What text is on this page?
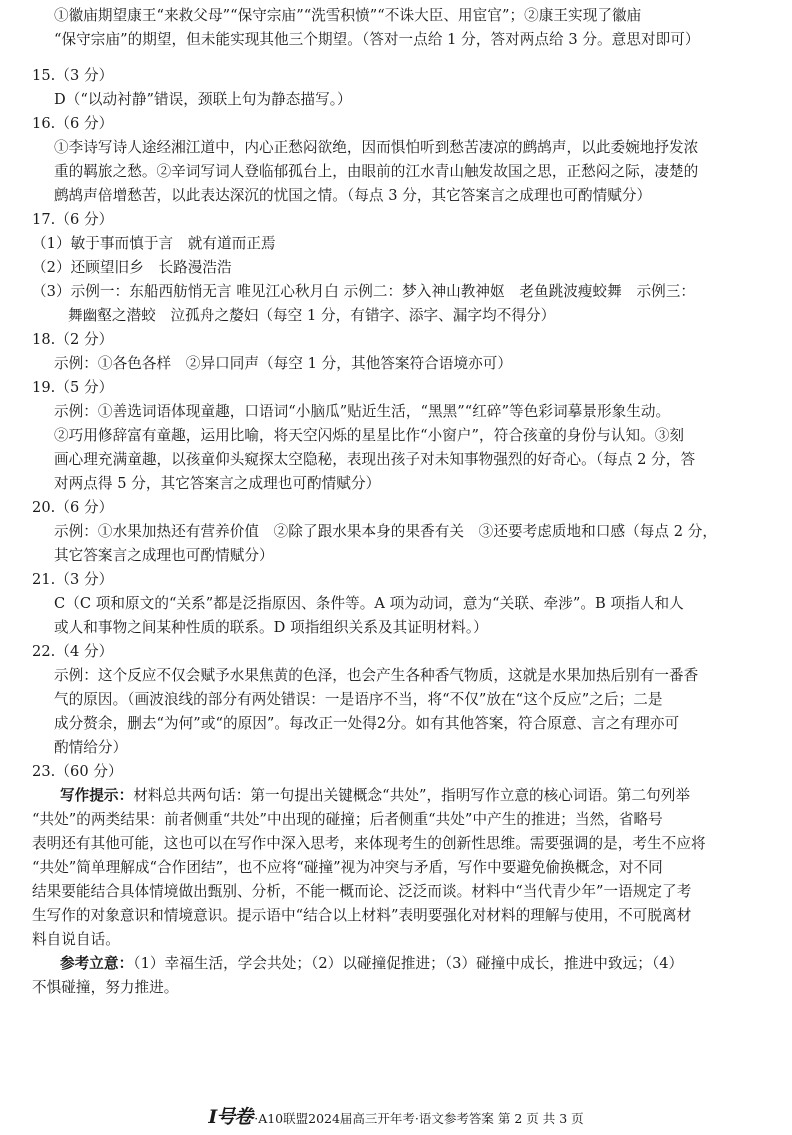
①徽庙期望康王“来救父母”“保守宗庙”“洗雪积愤”“不诛大臣、用宦官”；②康王实现了徽庙
“保守宗庙”的期望，但未能实现其他三个期望。（答对一点给 1 分，答对两点给 3 分。意思对即可）
15.（3 分）
D（“以动衬静”错误，颈联上句为静态描写。）
16.（6 分）
①李诗写诗人途经湘江道中，内心正愁闷欲绝，因而惧怕听到愁苦凄凉的鹧鸪声，以此委婉地抒发浓
重的羁旅之愁。②辛词写词人登临郁孤台上，由眼前的江水青山触发故国之思，正愁闷之际，凄楚的
鹧鸪声倍增愁苦，以此表达深沉的忧国之情。（每点 3 分，其它答案言之成理也可酌情赋分）
17.（6 分）
（1）敏于事而慎于言　就有道而正焉
（2）还顾望旧乡　长路漫浩浩
（3）示例一：东船西舫悄无言 唯见江心秋月白 示例二：梦入神山教神妪　老鱼跳波瘦蛟舞　示例三：
舞幽壑之潜蛟　泣孤舟之嫠妇（每空 1 分，有错字、添字、漏字均不得分）
18.（2 分）
示例：①各色各样　②异口同声（每空 1 分，其他答案符合语境亦可）
19.（5 分）
示例：①善选词语体现童趣，口语词“小脑瓜”贴近生活，“黑黑”“红碎”等色彩词摹景形象生动。
②巧用修辞富有童趣，运用比喻，将天空闪烁的星星比作“小窗户”，符合孩童的身份与认知。③刻
画心理充满童趣，以孩童仰头窥探太空隐秘，表现出孩子对未知事物强烈的好奇心。（每点 2 分，答
对两点得 5 分，其它答案言之成理也可酌情赋分）
20.（6 分）
示例：①水果加热还有营养价值　②除了跟水果本身的果香有关　③还要考虑质地和口感（每点 2 分，
其它答案言之成理也可酌情赋分）
21.（3 分）
C（C 项和原文的“关系”都是泛指原因、条件等。A 项为动词，意为“关联、牵涉”。B 项指人和人
或人和事物之间某种性质的联系。D 项指组织关系及其证明材料。）
22.（4 分）
示例：这个反应不仅会赋予水果焦黄的色泽，也会产生各种香气物质，这就是水果加热后别有一番香
气的原因。（画波浪线的部分有两处错误：一是语序不当，将“不仅”放在“这个反应”之后；二是
成分赘余，删去“为何”或“的原因”。每改正一处得2分。如有其他答案，符合原意、言之有理亦可
酌情给分）
23.（60 分）
写作提示：材料总共两句话：第一句提出关键概念“共处”，指明写作立意的核心词语。第二句列举
“共处”的两类结果：前者侧重“共处”中出现的碰撞；后者侧重“共处”中产生的推进；当然，省略号
表明还有其他可能，这也可以在写作中深入思考，来体现考生的创新性思维。需要强调的是，考生不应将
“共处”简单理解成“合作团结”，也不应将“碰撞”视为冲突与矛盾，写作中要避免偷换概念，对不同
结果要能结合具体情境做出甄别、分析，不能一概而论、泛泛而谈。材料中“当代青少年”一语规定了考
生写作的对象意识和情境意识。提示语中“结合以上材料”表明要强化对材料的理解与使用，不可脱离材
料自说自话。
参考立意：（1）幸福生活，学会共处；（2）以碰撞促推进；（3）碰撞中成长，推进中致远；（4）
不惧碰撞，努力推进。
I号卷 ·A10联盟2024届高三开年考·语文参考答案 第 2 页 共 3 页
